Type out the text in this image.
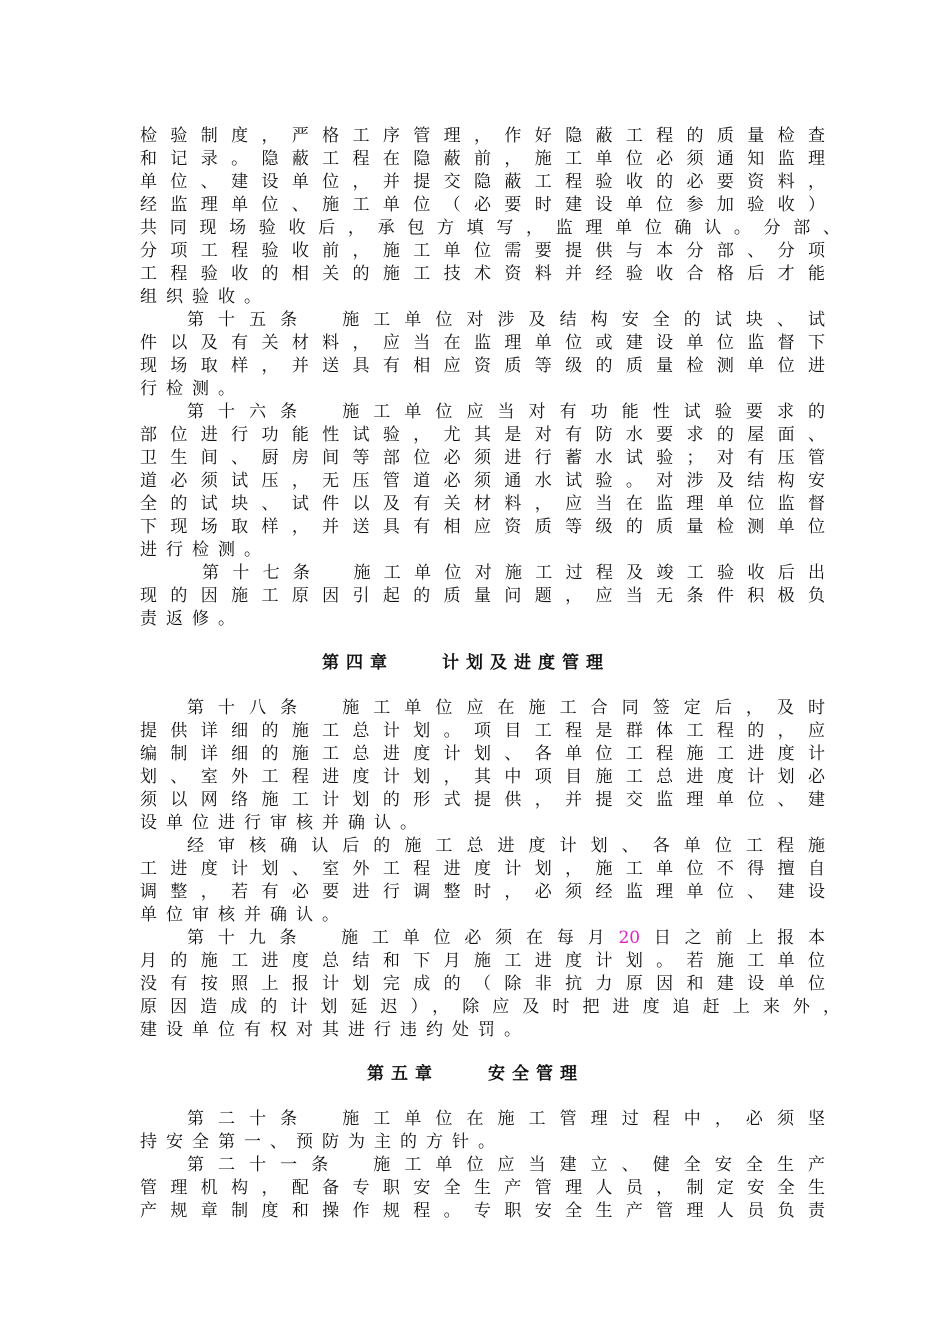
检验制度，严格工序管理，作好隐蔽工程的质量检查
和记录。隐蔽工程在隐蔽前，施工单位必须通知监理
单位、建设单位，并提交隐蔽工程验收的必要资料，
经监理单位、施工单位（必要时建设单位参加验收）
共同现场验收后，承包方填写，监理单位确认。分部、
分项工程验收前，施工单位需要提供与本分部、分项
工程验收的相关的施工技术资料并经验收合格后才能
组织验收。
第十五条　施工单位对涉及结构安全的试块、试
件以及有关材料，应当在监理单位或建设单位监督下
现场取样，并送具有相应资质等级的质量检测单位进
行检测。
第十六条　施工单位应当对有功能性试验要求的
部位进行功能性试验，尤其是对有防水要求的屋面、
卫生间、厨房间等部位必须进行蓄水试验；对有压管
道必须试压，无压管道必须通水试验。对涉及结构安
全的试块、试件以及有关材料，应当在监理单位监督
下现场取样，并送具有相应资质等级的质量检测单位
进行检测。
第十七条　施工单位对施工过程及竣工验收后出
现的因施工原因引起的质量问题，应当无条件积极负
责返修。
第四章	计划及进度管理
第十八条　施工单位应在施工合同签定后，及时
提供详细的施工总计划。项目工程是群体工程的，应
编制详细的施工总进度计划、各单位工程施工进度计
划、室外工程进度计划，其中项目施工总进度计划必
须以网络施工计划的形式提供，并提交监理单位、建
设单位进行审核并确认。
经审核确认后的施工总进度计划、各单位工程施
工进度计划、室外工程进度计划，施工单位不得擅自
调整，若有必要进行调整时，必须经监理单位、建设
单位审核并确认。
第十九条　施工单位必须在每月20日之前上报本
月的施工进度总结和下月施工进度计划。若施工单位
没有按照上报计划完成的（除非抗力原因和建设单位
原因造成的计划延迟），除应及时把进度追赶上来外，
建设单位有权对其进行违约处罚。
第五章	安全管理
第二十条　施工单位在施工管理过程中，必须坚
持安全第一、预防为主的方针。
第二十一条　施工单位应当建立、健全安全生产
管理机构，配备专职安全生产管理人员，制定安全生
产规章制度和操作规程。专职安全生产管理人员负责
